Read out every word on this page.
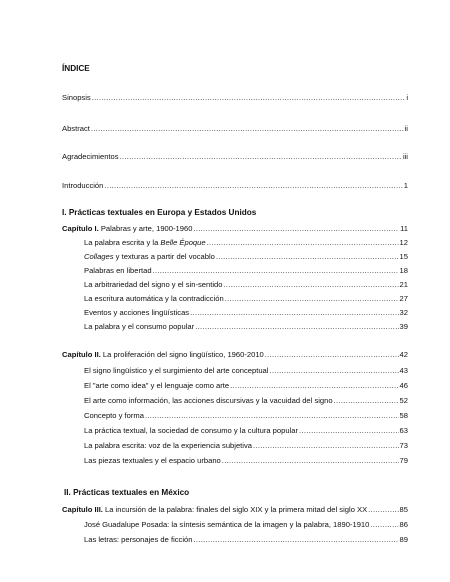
ÍNDICE
Sinopsis .....	i
Abstract .....	ii
Agradecimientos .....	iii
Introducción .....	1
I. Prácticas textuales en Europa y Estados Unidos
Capítulo I. Palabras y arte, 1900-1960 .....	11
La palabra escrita y la Belle Époque .....	12
Collages y texturas a partir del vocablo .....	15
Palabras en libertad .....	18
La arbitrariedad del signo y el sin-sentido .....	21
La escritura automática y la contradicción .....	27
Eventos y acciones lingüísticas .....	32
La palabra y el consumo popular .....	39
Capítulo II. La proliferación del signo lingüístico, 1960-2010 .....	42
El signo lingüístico y el surgimiento del arte conceptual .....	43
El "arte como idea" y el lenguaje como arte .....	46
El arte como información, las acciones discursivas y la vacuidad del signo .....	52
Concepto y forma .....	58
La práctica textual, la sociedad de consumo y la cultura popular .....	63
La palabra escrita: voz de la experiencia subjetiva .....	73
Las piezas textuales y el espacio urbano .....	79
II. Prácticas textuales en México
Capítulo III. La incursión de la palabra: finales del siglo XIX y la primera mitad del siglo XX .....	85
José Guadalupe Posada: la síntesis semántica de la imagen y la palabra, 1890-1910 .....	86
Las letras: personajes de ficción .....	89
